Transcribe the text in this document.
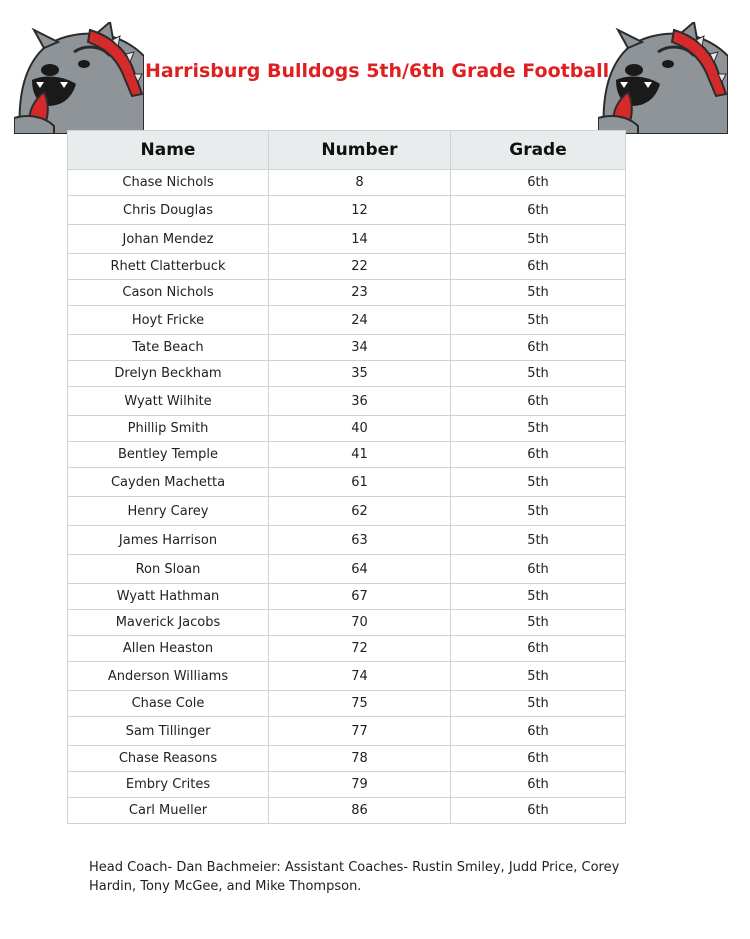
Harrisburg Bulldogs 5th/6th Grade Football
Name	Number	Grade
Chase Nichols	8	6th
Chris Douglas	12	6th
Johan Mendez	14	5th
Rhett Clatterbuck	22	6th
Cason Nichols	23	5th
Hoyt Fricke	24	5th
Tate Beach	34	6th
Drelyn Beckham	35	5th
Wyatt Wilhite	36	6th
Phillip Smith	40	5th
Bentley Temple	41	6th
Cayden Machetta	61	5th
Henry Carey	62	5th
James Harrison	63	5th
Ron Sloan	64	6th
Wyatt Hathman	67	5th
Maverick Jacobs	70	5th
Allen Heaston	72	6th
Anderson Williams	74	5th
Chase Cole	75	5th
Sam Tillinger	77	6th
Chase Reasons	78	6th
Embry Crites	79	6th
Carl Mueller	86	6th

Head Coach- Dan Bachmeier: Assistant Coaches- Rustin Smiley, Judd Price, Corey Hardin, Tony McGee, and Mike Thompson.
